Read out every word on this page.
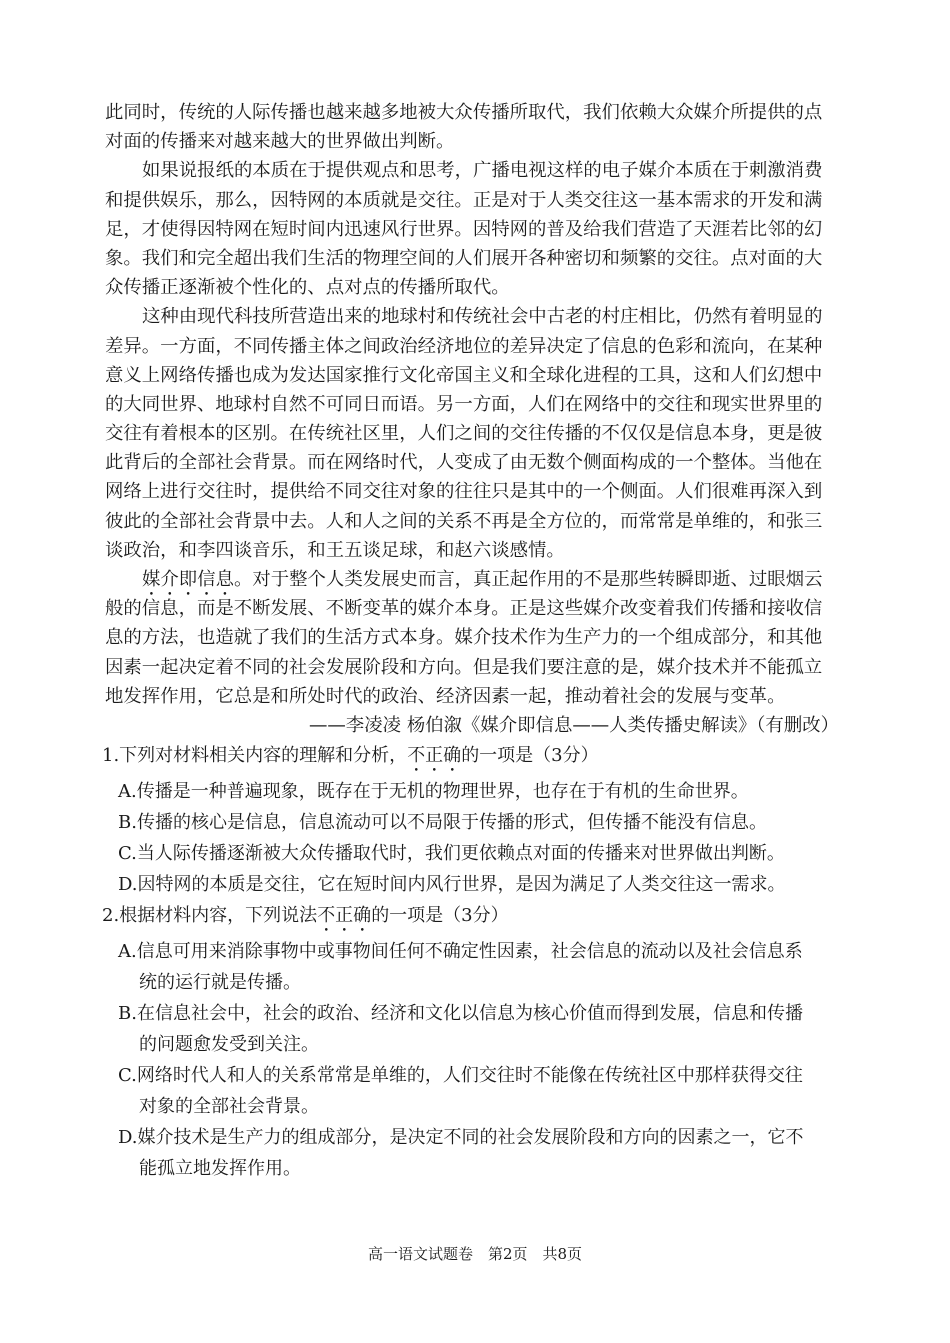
此同时，传统的人际传播也越来越多地被大众传播所取代，我们依赖大众媒介所提供的点
对面的传播来对越来越大的世界做出判断。
如果说报纸的本质在于提供观点和思考，广播电视这样的电子媒介本质在于刺激消费
和提供娱乐，那么，因特网的本质就是交往。正是对于人类交往这一基本需求的开发和满
足，才使得因特网在短时间内迅速风行世界。因特网的普及给我们营造了天涯若比邻的幻
象。我们和完全超出我们生活的物理空间的人们展开各种密切和频繁的交往。点对面的大
众传播正逐渐被个性化的、点对点的传播所取代。
这种由现代科技所营造出来的地球村和传统社会中古老的村庄相比，仍然有着明显的
差异。一方面，不同传播主体之间政治经济地位的差异决定了信息的色彩和流向，在某种
意义上网络传播也成为发达国家推行文化帝国主义和全球化进程的工具，这和人们幻想中
的大同世界、地球村自然不可同日而语。另一方面，人们在网络中的交往和现实世界里的
交往有着根本的区别。在传统社区里，人们之间的交往传播的不仅仅是信息本身，更是彼
此背后的全部社会背景。而在网络时代，人变成了由无数个侧面构成的一个整体。当他在
网络上进行交往时，提供给不同交往对象的往往只是其中的一个侧面。人们很难再深入到
彼此的全部社会背景中去。人和人之间的关系不再是全方位的，而常常是单维的，和张三
谈政治，和李四谈音乐，和王五谈足球，和赵六谈感情。
媒介即信息。对于整个人类发展史而言，真正起作用的不是那些转瞬即逝、过眼烟云
般的信息，而是不断发展、不断变革的媒介本身。正是这些媒介改变着我们传播和接收信
息的方法，也造就了我们的生活方式本身。媒介技术作为生产力的一个组成部分，和其他
因素一起决定着不同的社会发展阶段和方向。但是我们要注意的是，媒介技术并不能孤立
地发挥作用，它总是和所处时代的政治、经济因素一起，推动着社会的发展与变革。
——李凌凌 杨伯溆《媒介即信息——人类传播史解读》（有删改）
1.下列对材料相关内容的理解和分析，不正确的一项是（3分）
A.传播是一种普遍现象，既存在于无机的物理世界，也存在于有机的生命世界。
B.传播的核心是信息，信息流动可以不局限于传播的形式，但传播不能没有信息。
C.当人际传播逐渐被大众传播取代时，我们更依赖点对面的传播来对世界做出判断。
D.因特网的本质是交往，它在短时间内风行世界，是因为满足了人类交往这一需求。
2.根据材料内容，下列说法不正确的一项是（3分）
A.信息可用来消除事物中或事物间任何不确定性因素，社会信息的流动以及社会信息系
统的运行就是传播。
B.在信息社会中，社会的政治、经济和文化以信息为核心价值而得到发展，信息和传播
的问题愈发受到关注。
C.网络时代人和人的关系常常是单维的，人们交往时不能像在传统社区中那样获得交往
对象的全部社会背景。
D.媒介技术是生产力的组成部分，是决定不同的社会发展阶段和方向的因素之一，它不
能孤立地发挥作用。
高一语文试题卷　第2页　共8页
